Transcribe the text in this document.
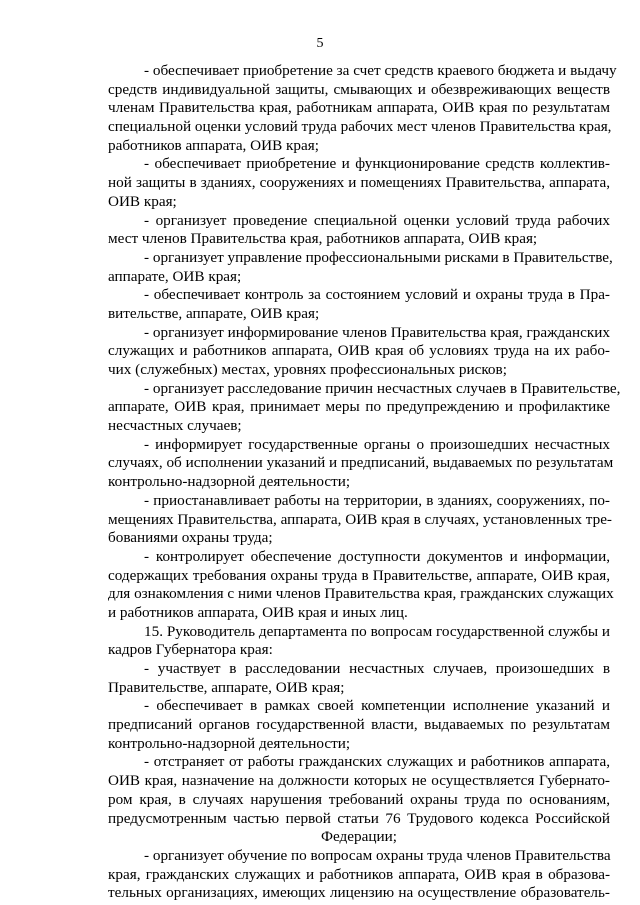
5
- обеспечивает приобретение за счет средств краевого бюджета и выдачу
средств индивидуальной защиты, смывающих и обезвреживающих веществ
членам Правительства края, работникам аппарата, ОИВ края по результатам
специальной оценки условий труда рабочих мест членов Правительства края,
работников аппарата, ОИВ края;
- обеспечивает приобретение и функционирование средств коллектив-
ной защиты в зданиях, сооружениях и помещениях Правительства, аппарата,
ОИВ края;
- организует проведение специальной оценки условий труда рабочих
мест членов Правительства края, работников аппарата, ОИВ края;
- организует управление профессиональными рисками в Правительстве,
аппарате, ОИВ края;
- обеспечивает контроль за состоянием условий и охраны труда в Пра-
вительстве, аппарате, ОИВ края;
- организует информирование членов Правительства края, гражданских
служащих и работников аппарата, ОИВ края об условиях труда на их рабо-
чих (служебных) местах, уровнях профессиональных рисков;
- организует расследование причин несчастных случаев в Правительстве,
аппарате, ОИВ края, принимает меры по предупреждению и профилактике
несчастных случаев;
- информирует государственные органы о произошедших несчастных
случаях, об исполнении указаний и предписаний, выдаваемых по результатам
контрольно-надзорной деятельности;
- приостанавливает работы на территории, в зданиях, сооружениях, по-
мещениях Правительства, аппарата, ОИВ края в случаях, установленных тре-
бованиями охраны труда;
- контролирует обеспечение доступности документов и информации,
содержащих требования охраны труда в Правительстве, аппарате, ОИВ края,
для ознакомления с ними членов Правительства края, гражданских служащих
и работников аппарата, ОИВ края и иных лиц.
15. Руководитель департамента по вопросам государственной службы и
кадров Губернатора края:
- участвует в расследовании несчастных случаев, произошедших в
Правительстве, аппарате, ОИВ края;
- обеспечивает в рамках своей компетенции исполнение указаний и
предписаний органов государственной власти, выдаваемых по результатам
контрольно-надзорной деятельности;
- отстраняет от работы гражданских служащих и работников аппарата,
ОИВ края, назначение на должности которых не осуществляется Губернато-
ром края, в случаях нарушения требований охраны труда по основаниям,
предусмотренным частью первой статьи 76 Трудового кодекса Российской
Федерации;
- организует обучение по вопросам охраны труда членов Правительства
края, гражданских служащих и работников аппарата, ОИВ края в образова-
тельных организациях, имеющих лицензию на осуществление образователь-
